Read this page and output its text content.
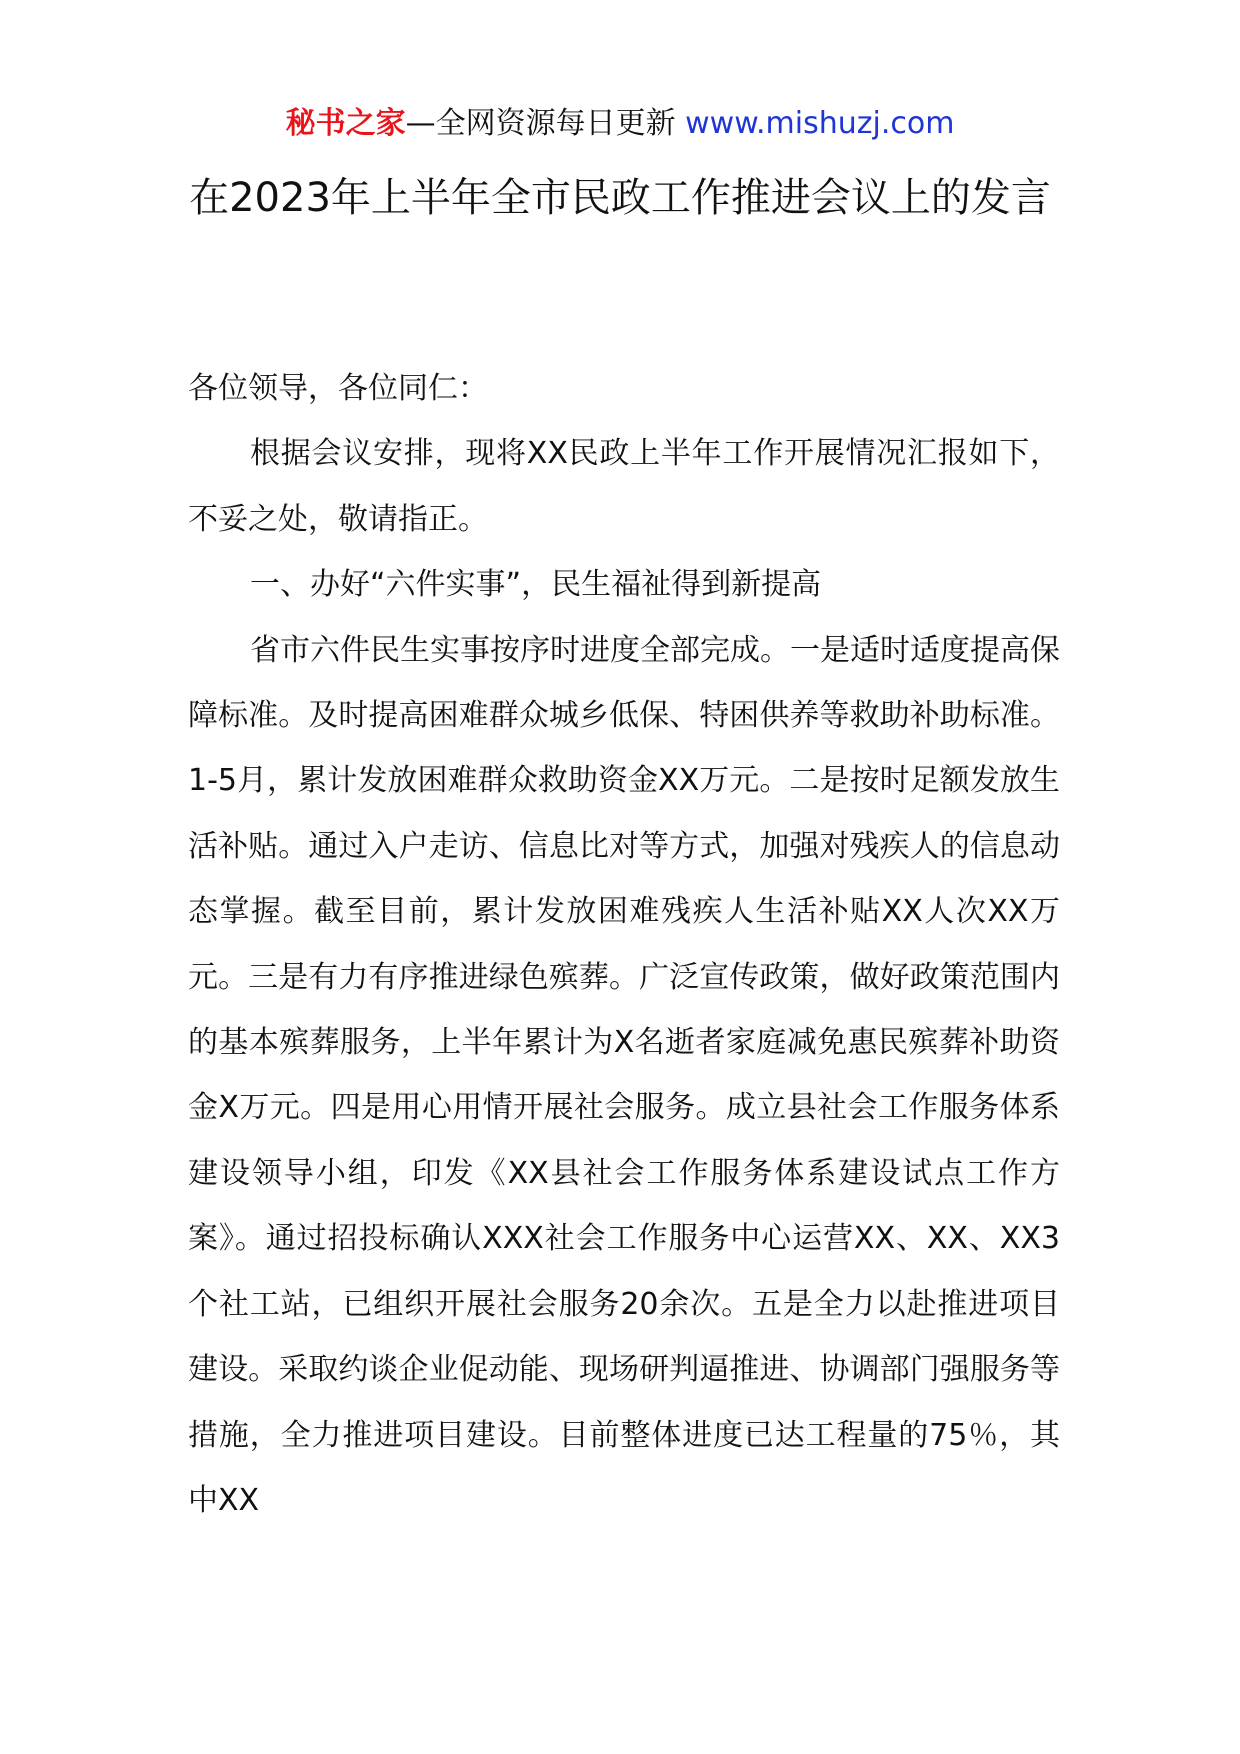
秘书之家—全网资源每日更新 www.mishuzj.com
在2023年上半年全市民政工作推进会议上的发言

各位领导，各位同仁：

根据会议安排，现将XX民政上半年工作开展情况汇报如下，不妥之处，敬请指正。

一、办好“六件实事”，民生福祉得到新提高

省市六件民生实事按序时进度全部完成。一是适时适度提高保障标准。及时提高困难群众城乡低保、特困供养等救助补助标准。1-5月，累计发放困难群众救助资金XX万元。二是按时足额发放生活补贴。通过入户走访、信息比对等方式，加强对残疾人的信息动态掌握。截至目前，累计发放困难残疾人生活补贴XX人次XX万元。三是有力有序推进绿色殡葬。广泛宣传政策，做好政策范围内的基本殡葬服务，上半年累计为X名逝者家庭减免惠民殡葬补助资金X万元。四是用心用情开展社会服务。成立县社会工作服务体系建设领导小组，印发《XX县社会工作服务体系建设试点工作方案》。通过招投标确认XXX社会工作服务中心运营XX、XX、XX3个社工站，已组织开展社会服务20余次。五是全力以赴推进项目建设。采取约谈企业促动能、现场研判逼推进、协调部门强服务等措施，全力推进项目建设。目前整体进度已达工程量的75％，其中XX
